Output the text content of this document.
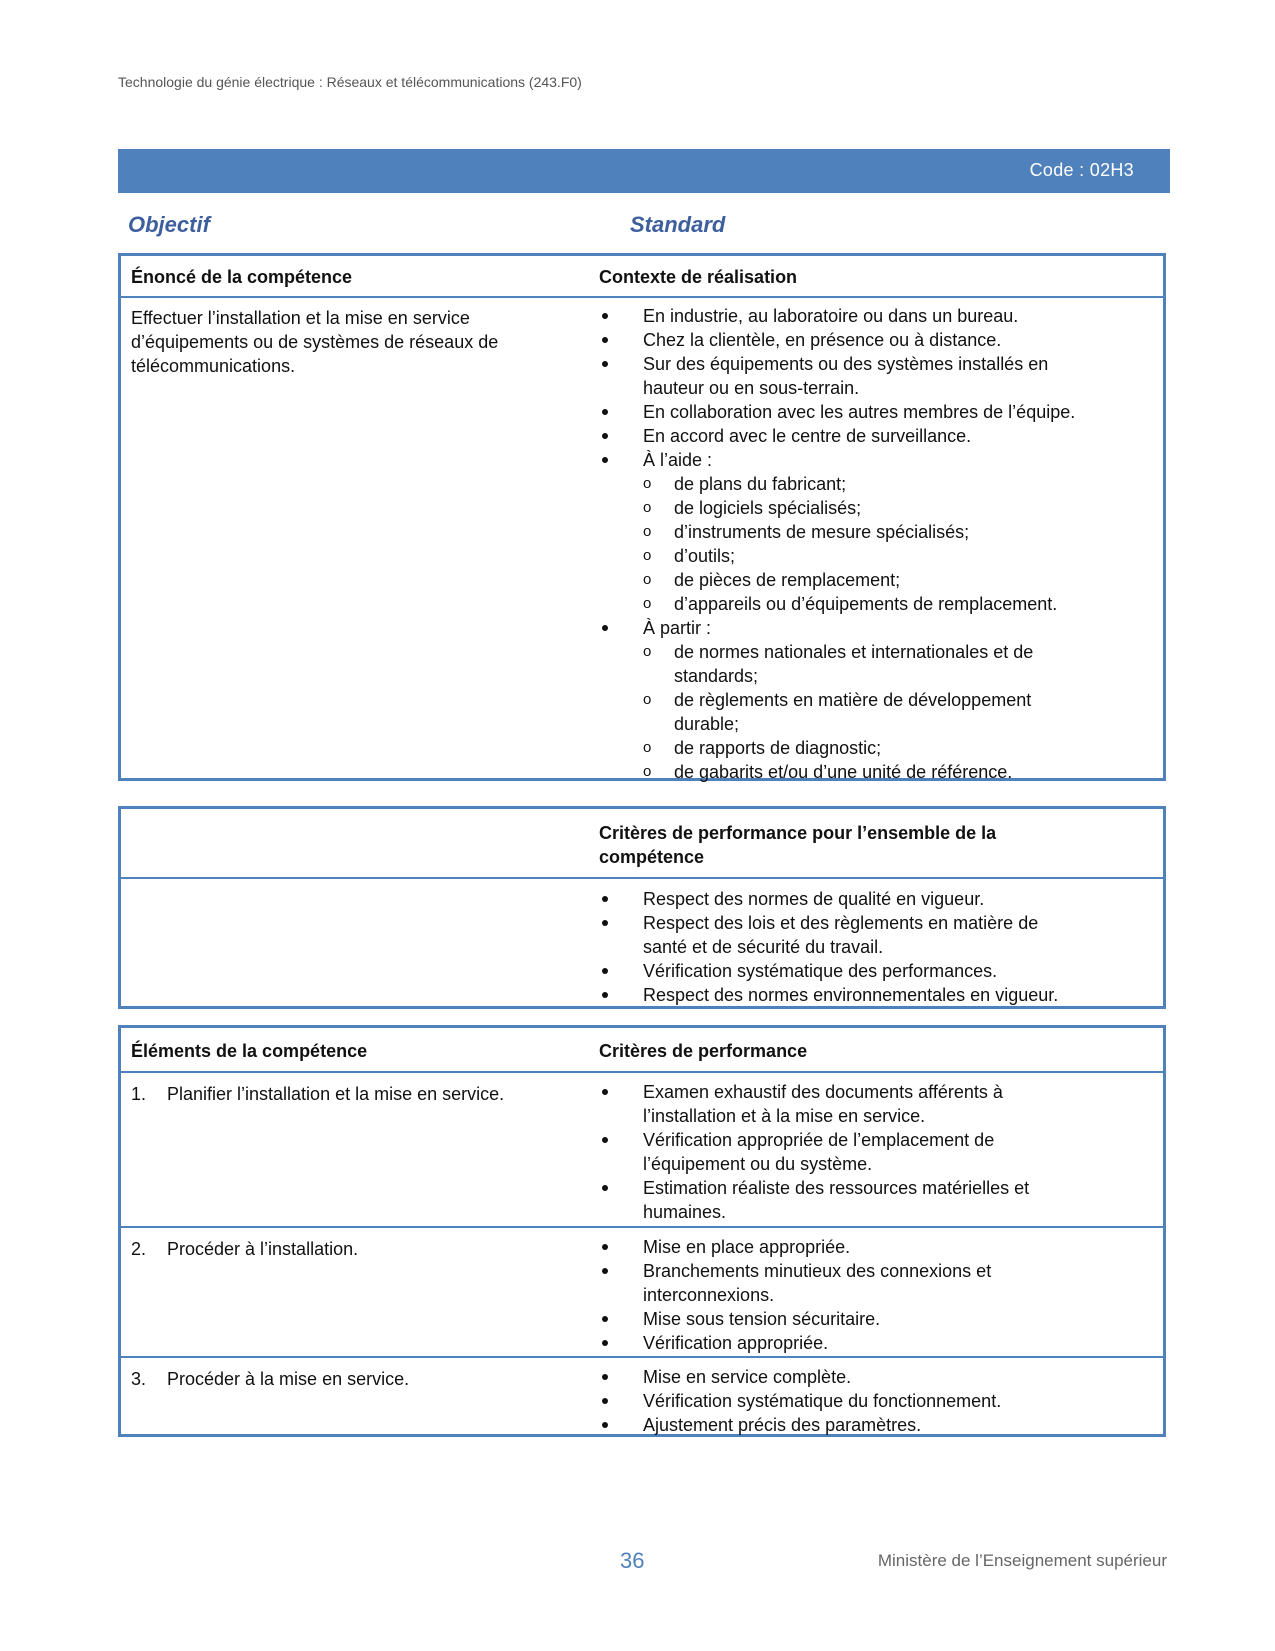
Technologie du génie électrique : Réseaux et télécommunications (243.F0)
Code : 02H3
Objectif	Standard
Énoncé de la compétence	Contexte de réalisation
Effectuer l’installation et la mise en service
d’équipements ou de systèmes de réseaux de
télécommunications.
En industrie, au laboratoire ou dans un bureau.
Chez la clientèle, en présence ou à distance.
Sur des équipements ou des systèmes installés en
hauteur ou en sous-terrain.
En collaboration avec les autres membres de l’équipe.
En accord avec le centre de surveillance.
À l’aide :
o de plans du fabricant;
o de logiciels spécialisés;
o d’instruments de mesure spécialisés;
o d’outils;
o de pièces de remplacement;
o d’appareils ou d’équipements de remplacement.
À partir :
o de normes nationales et internationales et de
standards;
o de règlements en matière de développement
durable;
o de rapports de diagnostic;
o de gabarits et/ou d’une unité de référence.
Critères de performance pour l’ensemble de la
compétence
Respect des normes de qualité en vigueur.
Respect des lois et des règlements en matière de
santé et de sécurité du travail.
Vérification systématique des performances.
Respect des normes environnementales en vigueur.
Éléments de la compétence	Critères de performance
1.	Planifier l’installation et la mise en service.	Examen exhaustif des documents afférents à
l’installation et à la mise en service.
Vérification appropriée de l’emplacement de
l’équipement ou du système.
Estimation réaliste des ressources matérielles et
humaines.
2.	Procéder à l’installation.	Mise en place appropriée.
Branchements minutieux des connexions et
interconnexions.
Mise sous tension sécuritaire.
Vérification appropriée.
3.	Procéder à la mise en service.	Mise en service complète.
Vérification systématique du fonctionnement.
Ajustement précis des paramètres.
36	Ministère de l’Enseignement supérieur
